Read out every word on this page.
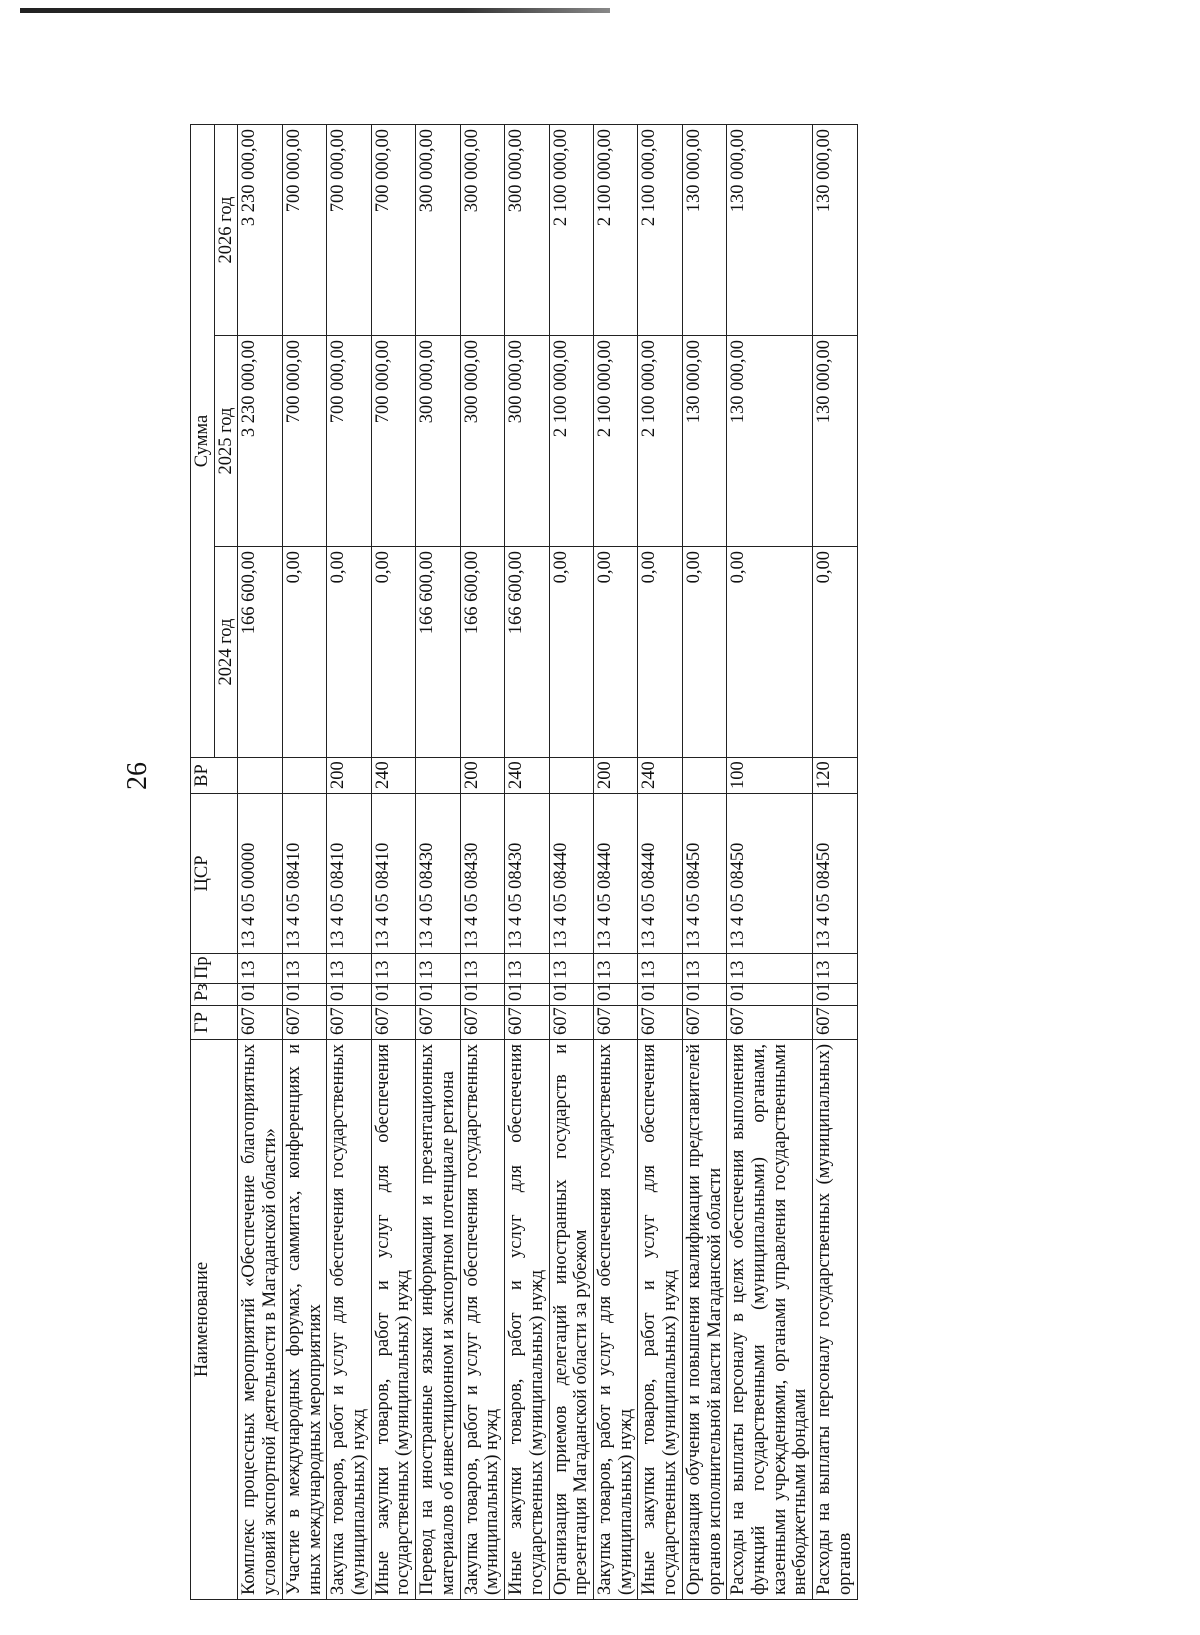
26
Наименование	ГР	Рз	Пр	ЦСР	ВР	Сумма		
						2024 год	2025 год	2026 год
Комплекс процессных мероприятий «Обеспечение благоприятных условий экспортной деятельности в Магаданской области»	607	01	13	13 4 05 00000		166 600,00	3 230 000,00	3 230 000,00
Участие в международных форумах, саммитах, конференциях и иных международных мероприятиях	607	01	13	13 4 05 08410		0,00	700 000,00	700 000,00
Закупка товаров, работ и услуг для обеспечения государственных (муниципальных) нужд	607	01	13	13 4 05 08410	200	0,00	700 000,00	700 000,00
Иные закупки товаров, работ и услуг для обеспечения государственных (муниципальных) нужд	607	01	13	13 4 05 08410	240	0,00	700 000,00	700 000,00
Перевод на иностранные языки информации и презентационных материалов об инвестиционном и экспортном потенциале региона	607	01	13	13 4 05 08430		166 600,00	300 000,00	300 000,00
Закупка товаров, работ и услуг для обеспечения государственных (муниципальных) нужд	607	01	13	13 4 05 08430	200	166 600,00	300 000,00	300 000,00
Иные закупки товаров, работ и услуг для обеспечения государственных (муниципальных) нужд	607	01	13	13 4 05 08430	240	166 600,00	300 000,00	300 000,00
Организация приемов делегаций иностранных государств и презентация Магаданской области за рубежом	607	01	13	13 4 05 08440		0,00	2 100 000,00	2 100 000,00
Закупка товаров, работ и услуг для обеспечения государственных (муниципальных) нужд	607	01	13	13 4 05 08440	200	0,00	2 100 000,00	2 100 000,00
Иные закупки товаров, работ и услуг для обеспечения государственных (муниципальных) нужд	607	01	13	13 4 05 08440	240	0,00	2 100 000,00	2 100 000,00
Организация обучения и повышения квалификации представителей органов исполнительной власти Магаданской области	607	01	13	13 4 05 08450		0,00	130 000,00	130 000,00
Расходы на выплаты персоналу в целях обеспечения выполнения функций государственными (муниципальными) органами, казенными учреждениями, органами управления государственными внебюджетными фондами	607	01	13	13 4 05 08450	100	0,00	130 000,00	130 000,00
Расходы на выплаты персоналу государственных (муниципальных) органов	607	01	13	13 4 05 08450	120	0,00	130 000,00	130 000,00
